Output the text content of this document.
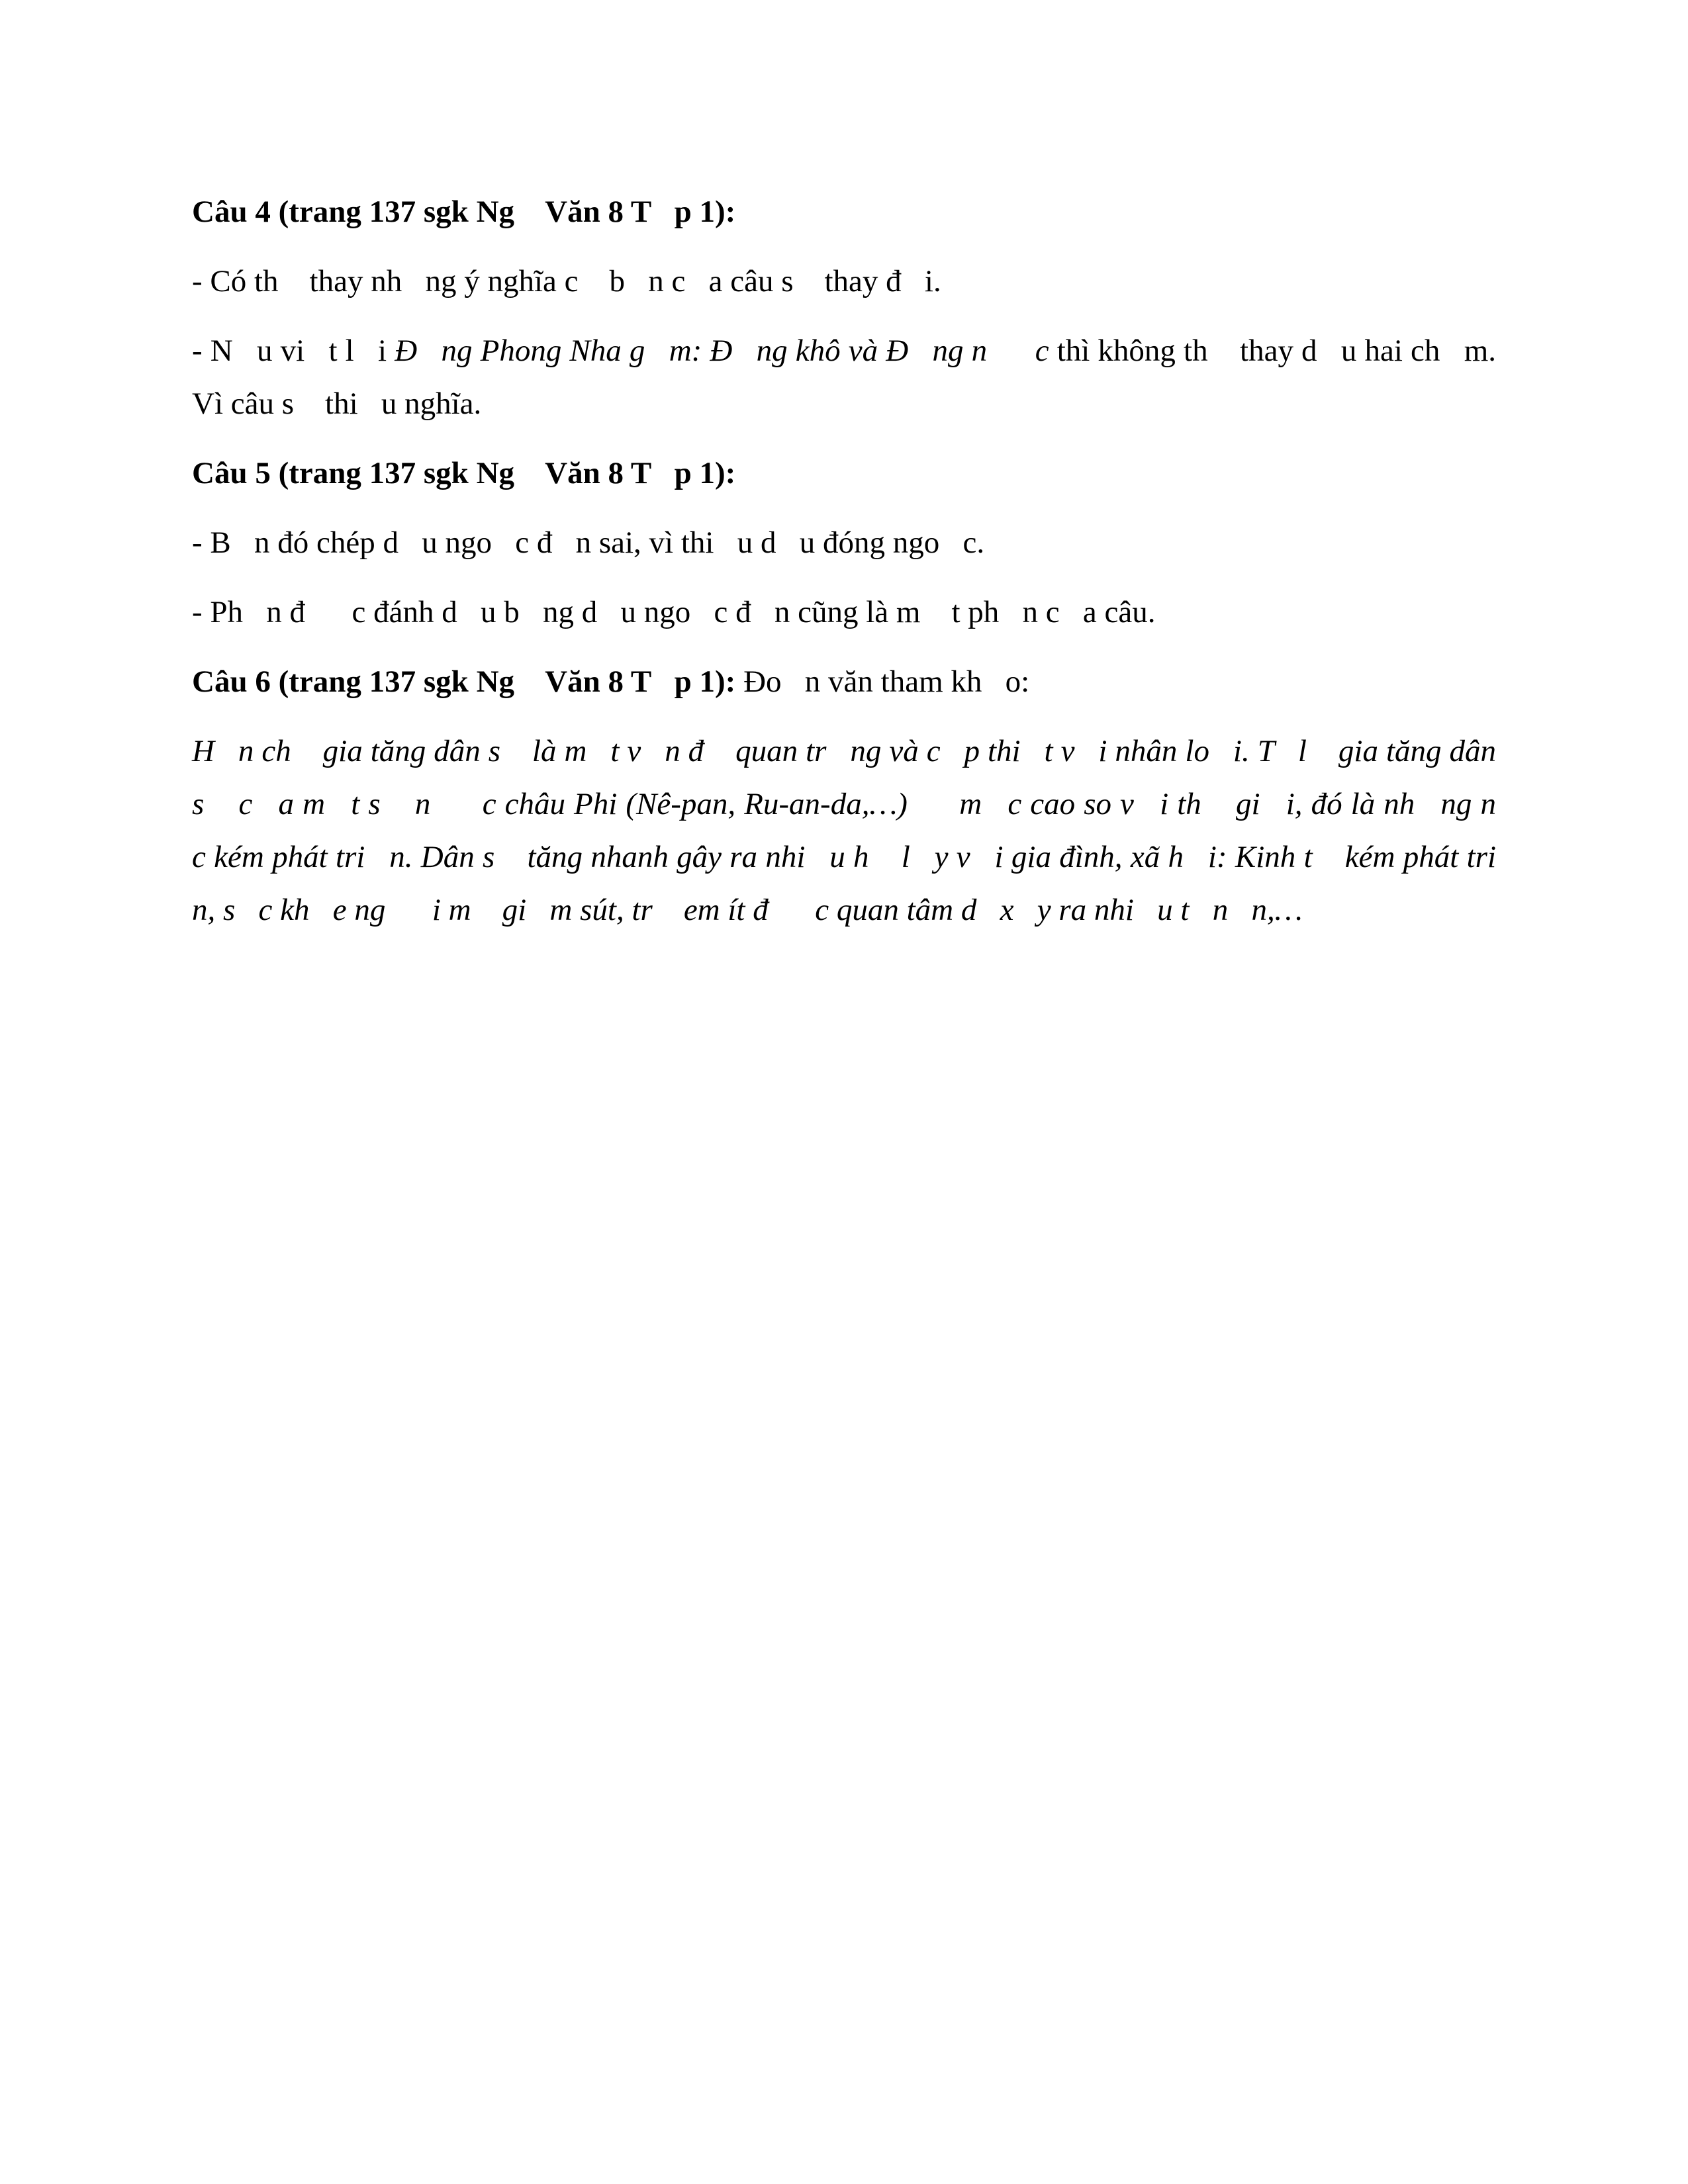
Câu 4 (trang 137 sgk Ng    Văn 8 T   p 1):

- Có th    thay nh   ng ý nghĩa c    b   n c   a câu s    thay đ   i.

- N   u vi   t l   i Đ   ng Phong Nha g   m: Đ   ng khô và Đ   ng n      c thì không th    thay d   u hai ch   m. Vì câu s    thi   u nghĩa.

Câu 5 (trang 137 sgk Ng    Văn 8 T   p 1):

- B   n đó chép d   u ngo   c đ   n sai, vì thi   u d   u đóng ngo   c.

- Ph   n đ      c đánh d   u b   ng d   u ngo   c đ   n cũng là m    t ph   n c   a câu.

Câu 6 (trang 137 sgk Ng    Văn 8 T   p 1): Đo   n văn tham kh   o:

H   n ch    gia tăng dân s    là m   t v   n đ    quan tr   ng và c   p thi   t v   i nhân lo   i. T   l    gia tăng dân s    c   a m   t s    n      c châu Phi (Nê-pan, Ru-an-da,…)      m   c cao so v   i th    gi   i, đó là nh   ng n      c kém phát tri   n. Dân s    tăng nhanh gây ra nhi   u h    l   y v   i gia đình, xã h   i: Kinh t    kém phát tri   n, s   c kh   e ng      i m    gi   m sút, tr    em ít đ      c quan tâm d   x   y ra nhi   u t   n   n,…
